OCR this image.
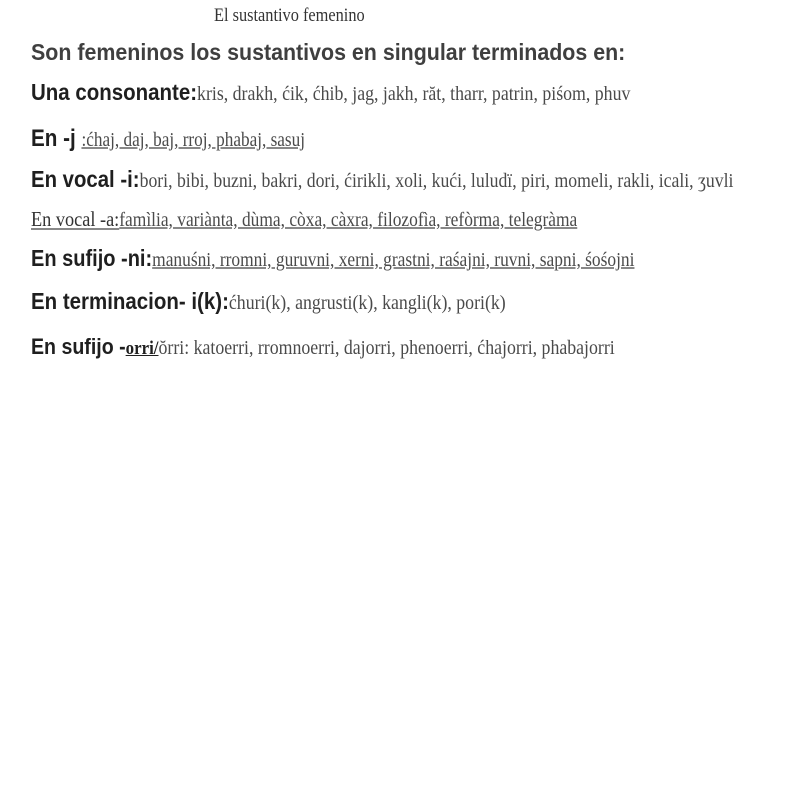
El sustantivo femenino
Son femeninos los sustantivos en singular terminados en:
Una consonante:kris, drakh, ćik, ćhib, jag, jakh, răt, tharr, patrin, piśom, phuv
En -j :ćhaj, daj, baj, rroj, phabaj, sasuj
En vocal -i:bori, bibi, buzni, bakri, dori, ćirikli, xoli, kući, luludï, piri, momeli, rakli, icali, ʒuvli
En vocal -a:famìlia, variànta, dùma, còxa, càxra, filozofìa, refòrma, telegràma
En sufijo -ni:manuśni, rromni, guruvni, xerni, grastni, raśajni, ruvni, sapni, śośojni
En terminacion- i(k):ćhuri(k), angrusti(k), kangli(k), pori(k)
En sufijo -orri/ŏrri: katoerri, rromnoerri, dajorri, phenoerri, ćhajorri, phabajorri
